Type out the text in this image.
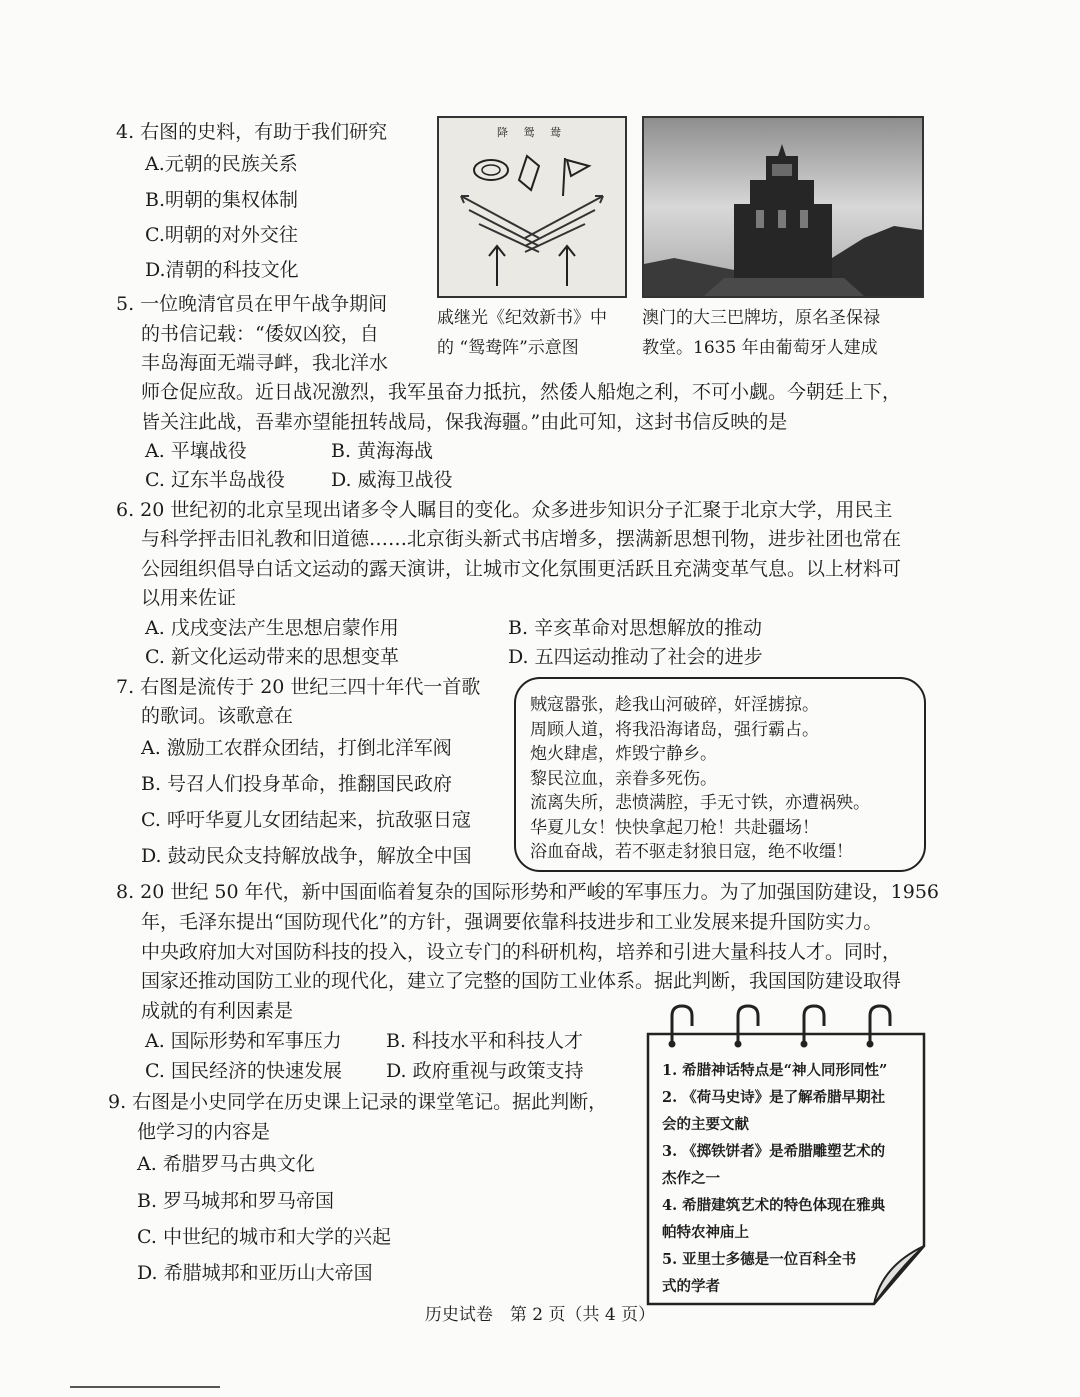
4. 右图的史料，有助于我们研究
A.元朝的民族关系
B.明朝的集权体制
C.明朝的对外交往
D.清朝的科技文化
降 鸳 鸯
戚继光《纪效新书》中
的 “鸳鸯阵”示意图
澳门的大三巴牌坊，原名圣保禄
教堂。1635 年由葡萄牙人建成
5. 一位晚清官员在甲午战争期间
的书信记载：“倭奴凶狡，自
丰岛海面无端寻衅，我北洋水
师仓促应敌。近日战况激烈，我军虽奋力抵抗，然倭人船炮之利，不可小觑。今朝廷上下，
皆关注此战，吾辈亦望能扭转战局，保我海疆。”由此可知，这封书信反映的是
A. 平壤战役	B. 黄海海战
C. 辽东半岛战役 D. 威海卫战役
6. 20 世纪初的北京呈现出诸多令人瞩目的变化。众多进步知识分子汇聚于北京大学，用民主
与科学抨击旧礼教和旧道德……北京街头新式书店增多，摆满新思想刊物，进步社团也常在
公园组织倡导白话文运动的露天演讲，让城市文化氛围更活跃且充满变革气息。以上材料可
以用来佐证
A. 戊戌变法产生思想启蒙作用	B. 辛亥革命对思想解放的推动
C. 新文化运动带来的思想变革	D. 五四运动推动了社会的进步
7. 右图是流传于 20 世纪三四十年代一首歌
的歌词。该歌意在
A. 激励工农群众团结，打倒北洋军阀
B. 号召人们投身革命，推翻国民政府
C. 呼吁华夏儿女团结起来，抗敌驱日寇
D. 鼓动民众支持解放战争，解放全中国
贼寇嚣张，趁我山河破碎，奸淫掳掠。
周顾人道，将我沿海诸岛，强行霸占。
炮火肆虐，炸毁宁静乡。
黎民泣血，亲眷多死伤。
流离失所，悲愤满腔，手无寸铁，亦遭祸殃。
华夏儿女！快快拿起刀枪！共赴疆场！
浴血奋战，若不驱走豺狼日寇，绝不收缰！
8. 20 世纪 50 年代，新中国面临着复杂的国际形势和严峻的军事压力。为了加强国防建设，1956
年，毛泽东提出“国防现代化”的方针，强调要依靠科技进步和工业发展来提升国防实力。
中央政府加大对国防科技的投入，设立专门的科研机构，培养和引进大量科技人才。同时，
国家还推动国防工业的现代化，建立了完整的国防工业体系。据此判断，我国国防建设取得
成就的有利因素是
A. 国际形势和军事压力 B. 科技水平和科技人才
C. 国民经济的快速发展 D. 政府重视与政策支持
9. 右图是小史同学在历史课上记录的课堂笔记。据此判断，
他学习的内容是
A. 希腊罗马古典文化
B. 罗马城邦和罗马帝国
C. 中世纪的城市和大学的兴起
D. 希腊城邦和亚历山大帝国
1. 希腊神话特点是“神人同形同性”
2. 《荷马史诗》是了解希腊早期社
会的主要文献
3. 《掷铁饼者》是希腊雕塑艺术的
杰作之一
4. 希腊建筑艺术的特色体现在雅典
帕特农神庙上
5. 亚里士多德是一位百科全书
式的学者
历史试卷　第 2 页（共 4 页）
